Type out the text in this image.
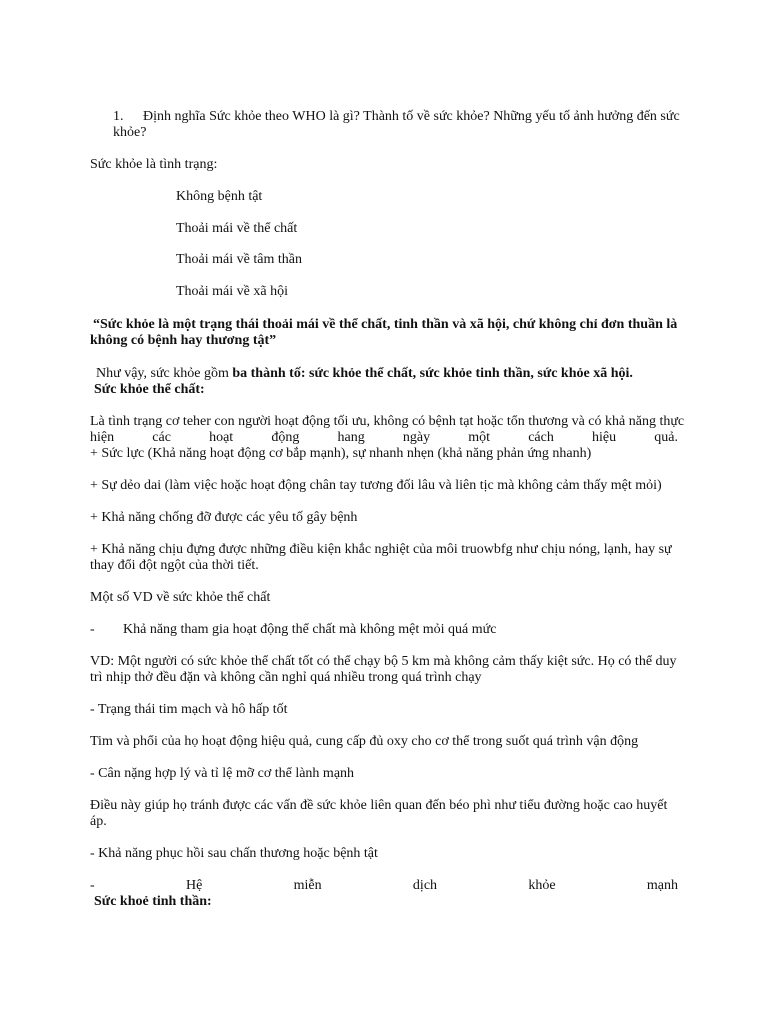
1. Định nghĩa Sức khỏe theo WHO là gì? Thành tố về sức khỏe? Những yếu tố ảnh hưởng đến sức
khỏe?
Sức khỏe là tình trạng:
Không bệnh tật
Thoải mái về thể chất
Thoải mái về tâm thần
Thoải mái về xã hội
“Sức khỏe là một trạng thái thoải mái về thể chất, tinh thần và xã hội, chứ không chỉ đơn thuần là
không có bệnh hay thương tật”
Như vậy, sức khỏe gồm ba thành tố: sức khỏe thể chất, sức khỏe tinh thần, sức khỏe xã hội.
Sức khỏe thể chất:
Là tình trạng cơ teher con người hoạt động tối ưu, không có bệnh tạt hoặc tổn thương và có khả năng thực
hiện các hoạt động hang ngày một cách hiệu quả.
+ Sức lực (Khả năng hoạt động cơ bắp mạnh), sự nhanh nhẹn (khả năng phản ứng nhanh)
+ Sự dẻo dai (làm việc hoặc hoạt động chân tay tương đối lâu và liên tịc mà không cảm thấy mệt mỏi)
+ Khả năng chống đỡ được các yêu tố gây bệnh
+ Khả năng chịu đựng được những điều kiện khắc nghiệt của môi truowbfg như chịu nóng, lạnh, hay sự
thay đổi đột ngột của thời tiết.
Một số VD về sức khỏe thể chất
- Khả năng tham gia hoạt động thể chất mà không mệt mỏi quá mức
VD: Một người có sức khỏe thể chất tốt có thể chạy bộ 5 km mà không cảm thấy kiệt sức. Họ có thể duy
trì nhịp thở đều đặn và không cần nghỉ quá nhiều trong quá trình chạy
- Trạng thái tim mạch và hô hấp tốt
Tim và phổi của họ hoạt động hiệu quả, cung cấp đủ oxy cho cơ thể trong suốt quá trình vận động
- Cân nặng hợp lý và tỉ lệ mỡ cơ thể lành mạnh
Điều này giúp họ tránh được các vấn đề sức khỏe liên quan đến béo phì như tiểu đường hoặc cao huyết
áp.
- Khả năng phục hồi sau chấn thương hoặc bệnh tật
- Hệ miễn dịch khỏe mạnh
Sức khoẻ tinh thần:
